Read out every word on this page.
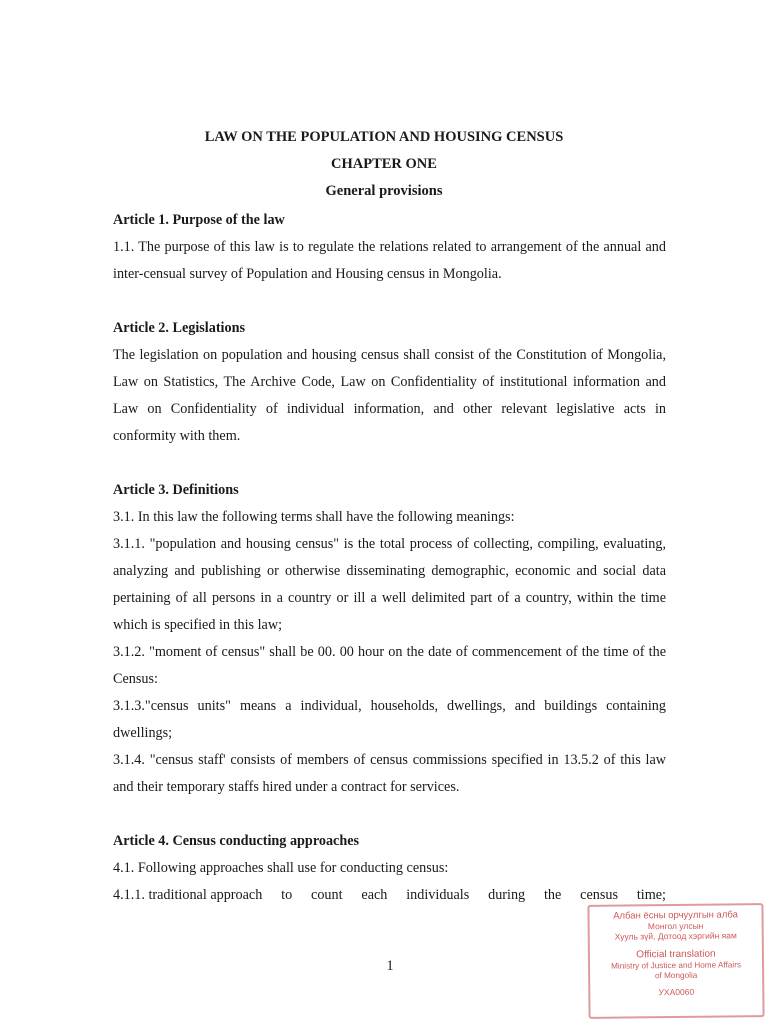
LAW ON THE POPULATION AND HOUSING CENSUS
CHAPTER ONE
General provisions

Article 1. Purpose of the law

1.1. The purpose of this law is to regulate the relations related to arrangement of the annual and inter-censual survey of Population and Housing census in Mongolia.

Article 2. Legislations

The legislation on population and housing census shall consist of the Constitution of Mongolia, Law on Statistics, The Archive Code, Law on Confidentiality of institutional information and Law on Confidentiality of individual information, and other relevant legislative acts in conformity with them.

Article 3. Definitions

3.1. In this law the following terms shall have the following meanings:

3.1.1. "population and housing census" is the total process of collecting, compiling, evaluating, analyzing and publishing or otherwise disseminating demographic, economic and social data pertaining of all persons in a country or ill a well delimited part of a country, within the time which is specified in this law;

3.1.2. "moment of census" shall be 00. 00 hour on the date of commencement of the time of the Census:

3.1.3."census units" means a individual, households, dwellings, and buildings containing dwellings;

3.1.4. "census staff' consists of members of census commissions specified in 13.5.2 of this law and their temporary staffs hired under a contract for services.

Article 4. Census conducting approaches

4.1. Following approaches shall use for conducting census:

4.1.1. traditional approach to count each individuals during the census time;
1
Албан ёсны орчуулгын алба
Монгол улсын
Хууль зүй, Дотоод хэргийн яам
Official translation
Ministry of Justice and Home Affairs
of Mongolia
УХА0060
